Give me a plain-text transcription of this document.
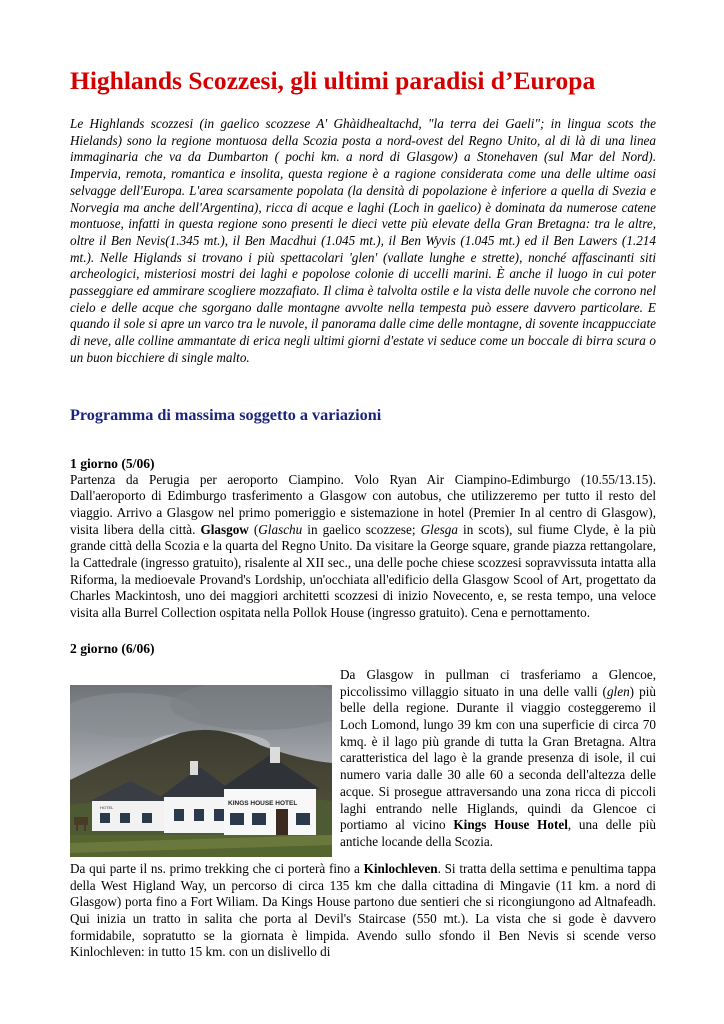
Highlands Scozzesi, gli ultimi paradisi d’Europa

Le Highlands scozzesi (in gaelico scozzese A' Ghàidhealtachd, "la terra dei Gaeli"; in lingua scots the Hielands) sono la regione montuosa della Scozia posta a nord-ovest del Regno Unito, al di là di una linea immaginaria che va da Dumbarton ( pochi km. a nord di Glasgow) a Stonehaven (sul Mar del Nord). Impervia, remota, romantica e insolita, questa regione è a ragione considerata come una delle ultime oasi selvagge dell'Europa. L'area scarsamente popolata (la densità di popolazione è inferiore a quella di Svezia e Norvegia ma anche dell'Argentina), ricca di acque e laghi (Loch in gaelico) è dominata da numerose catene montuose, infatti in questa regione sono presenti le dieci vette più elevate della Gran Bretagna: tra le altre, oltre il Ben Nevis(1.345 mt.), il Ben Macdhui (1.045 mt.), il Ben Wyvis (1.045 mt.) ed il Ben Lawers (1.214 mt.). Nelle Higlands si trovano i più spettacolari 'glen' (vallate lunghe e strette), nonché affascinanti siti archeologici, misteriosi mostri dei laghi e popolose colonie di uccelli marini. È anche il luogo in cui poter passeggiare ed ammirare scogliere mozzafiato. Il clima è talvolta ostile e la vista delle nuvole che corrono nel cielo e delle acque che sgorgano dalle montagne avvolte nella tempesta può essere davvero particolare. E quando il sole si apre un varco tra le nuvole, il panorama dalle cime delle montagne, di sovente incappucciate di neve, alle colline ammantate di erica negli ultimi giorni d'estate vi seduce come un boccale di birra scura o un buon bicchiere di single malto.

Programma di massima soggetto a variazioni
1 giorno (5/06)

Partenza da Perugia per aeroporto Ciampino. Volo Ryan Air Ciampino-Edimburgo (10.55/13.15). Dall'aeroporto di Edimburgo trasferimento a Glasgow con autobus, che utilizzeremo per tutto il resto del viaggio. Arrivo a Glasgow nel primo pomeriggio e sistemazione in hotel (Premier In al centro di Glasgow), visita libera della città. Glasgow (Glaschu in gaelico scozzese; Glesga in scots), sul fiume Clyde, è la più grande città della Scozia e la quarta del Regno Unito. Da visitare la George square, grande piazza rettangolare, la Cattedrale (ingresso gratuito), risalente al XII sec., una delle poche chiese scozzesi sopravvissuta intatta alla Riforma, la medioevale Provand's Lordship, un'occhiata all'edificio della Glasgow Scool of Art, progettato da Charles Mackintosh, uno dei maggiori architetti scozzesi di inizio Novecento, e, se resta tempo, una veloce visita alla Burrel Collection ospitata nella Pollok House (ingresso gratuito). Cena e pernottamento.

2 giorno (6/06)
KINGS HOUSE HOTEL
HOTEL

Da Glasgow in pullman ci trasferiamo a Glencoe, piccolissimo villaggio situato in una delle valli (glen) più belle della regione. Durante il viaggio costeggeremo il Loch Lomond, lungo 39 km con una superficie di circa 70 kmq. è il lago più grande di tutta la Gran Bretagna. Altra caratteristica del lago è la grande presenza di isole, il cui numero varia dalle 30 alle 60 a seconda dell'altezza delle acque. Si prosegue attraversando una zona ricca di piccoli laghi entrando nelle Higlands, quindi da Glencoe ci portiamo al vicino Kings House Hotel, una delle più antiche locande della Scozia.

Da qui parte il ns. primo trekking che ci porterà fino a Kinlochleven. Si tratta della settima e penultima tappa della West Higland Way, un percorso di circa 135 km che dalla cittadina di Mingavie (11 km. a nord di Glasgow) porta fino a Fort Wiliam. Da Kings House partono due sentieri che si ricongiungono ad Altnafeadh. Qui inizia un tratto in salita che porta al Devil's Staircase (550 mt.). La vista che si gode è davvero formidabile, sopratutto se la giornata è limpida. Avendo sullo sfondo il Ben Nevis si scende verso Kinlochleven: in tutto 15 km. con un dislivello di
